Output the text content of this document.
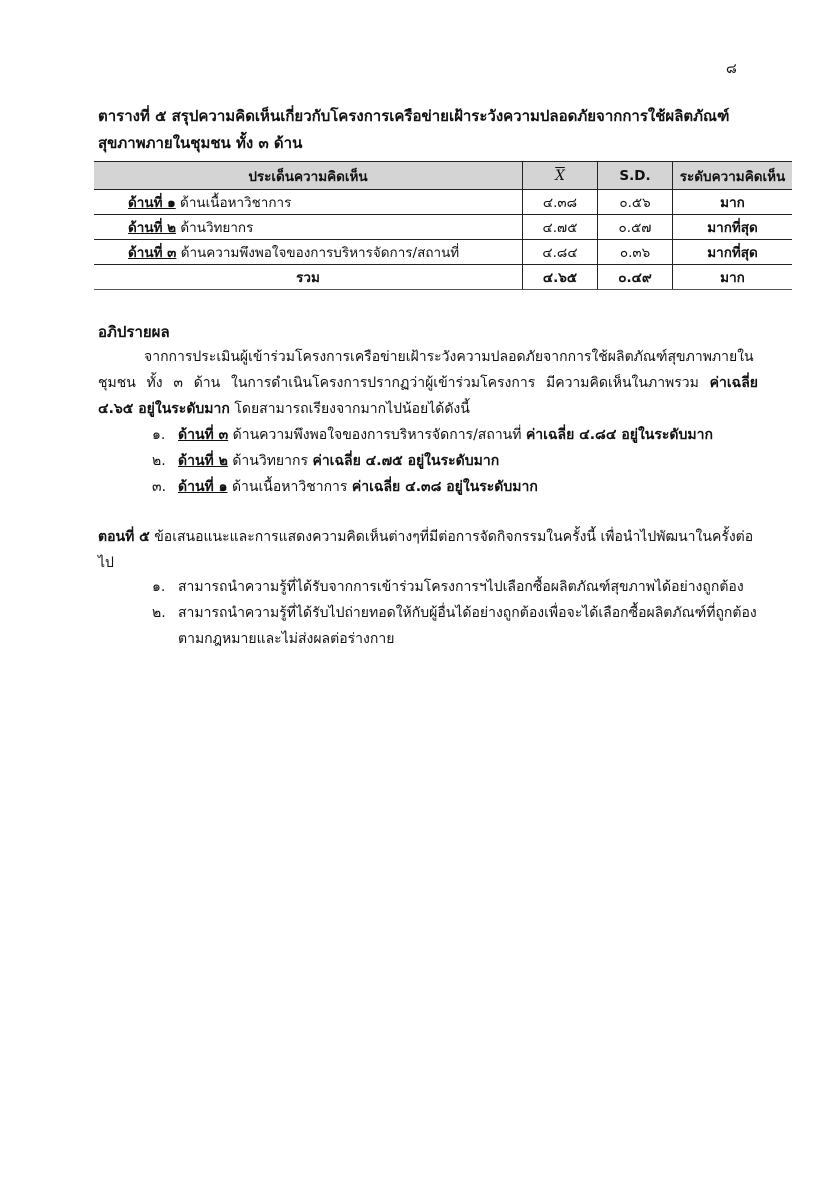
๘

ตารางที่ ๕ สรุปความคิดเห็นเกี่ยวกับโครงการเครือข่ายเฝ้าระวังความปลอดภัยจากการใช้ผลิตภัณฑ์สุขภาพภายในชุมชน ทั้ง ๓ ด้าน

ประเด็นความคิดเห็น	$\overline{X}$	S.D.	ระดับความคิดเห็น
ด้านที่ ๑ ด้านเนื้อหาวิชาการ	๔.๓๘	๐.๕๖	มาก
ด้านที่ ๒ ด้านวิทยากร	๔.๗๕	๐.๕๗	มากที่สุด
ด้านที่ ๓ ด้านความพึงพอใจของการบริหารจัดการ/สถานที่	๔.๘๔	๐.๓๖	มากที่สุด
รวม	๔.๖๕	๐.๔๙	มาก
อภิปรายผล

จากการประเมินผู้เข้าร่วมโครงการเครือข่ายเฝ้าระวังความปลอดภัยจากการใช้ผลิตภัณฑ์สุขภาพภายในชุมชน ทั้ง ๓ ด้าน ในการดำเนินโครงการปรากฏว่าผู้เข้าร่วมโครงการ มีความคิดเห็นในภาพรวม ค่าเฉลี่ย ๔.๖๕ อยู่ในระดับมาก โดยสามารถเรียงจากมากไปน้อยได้ดังนี้

๑. ด้านที่ ๓ ด้านความพึงพอใจของการบริหารจัดการ/สถานที่ ค่าเฉลี่ย ๔.๘๔ อยู่ในระดับมาก
๒. ด้านที่ ๒ ด้านวิทยากร ค่าเฉลี่ย ๔.๗๕ อยู่ในระดับมาก
๓. ด้านที่ ๑ ด้านเนื้อหาวิชาการ ค่าเฉลี่ย ๔.๓๘ อยู่ในระดับมาก

ตอนที่ ๕ ข้อเสนอแนะและการแสดงความคิดเห็นต่างๆที่มีต่อการจัดกิจกรรมในครั้งนี้ เพื่อนำไปพัฒนาในครั้งต่อไป

๑. สามารถนำความรู้ที่ได้รับจากการเข้าร่วมโครงการฯไปเลือกซื้อผลิตภัณฑ์สุขภาพได้อย่างถูกต้อง
๒. สามารถนำความรู้ที่ได้รับไปถ่ายทอดให้กับผู้อื่นได้อย่างถูกต้องเพื่อจะได้เลือกซื้อผลิตภัณฑ์ที่ถูกต้องตามกฎหมายและไม่ส่งผลต่อร่างกาย
